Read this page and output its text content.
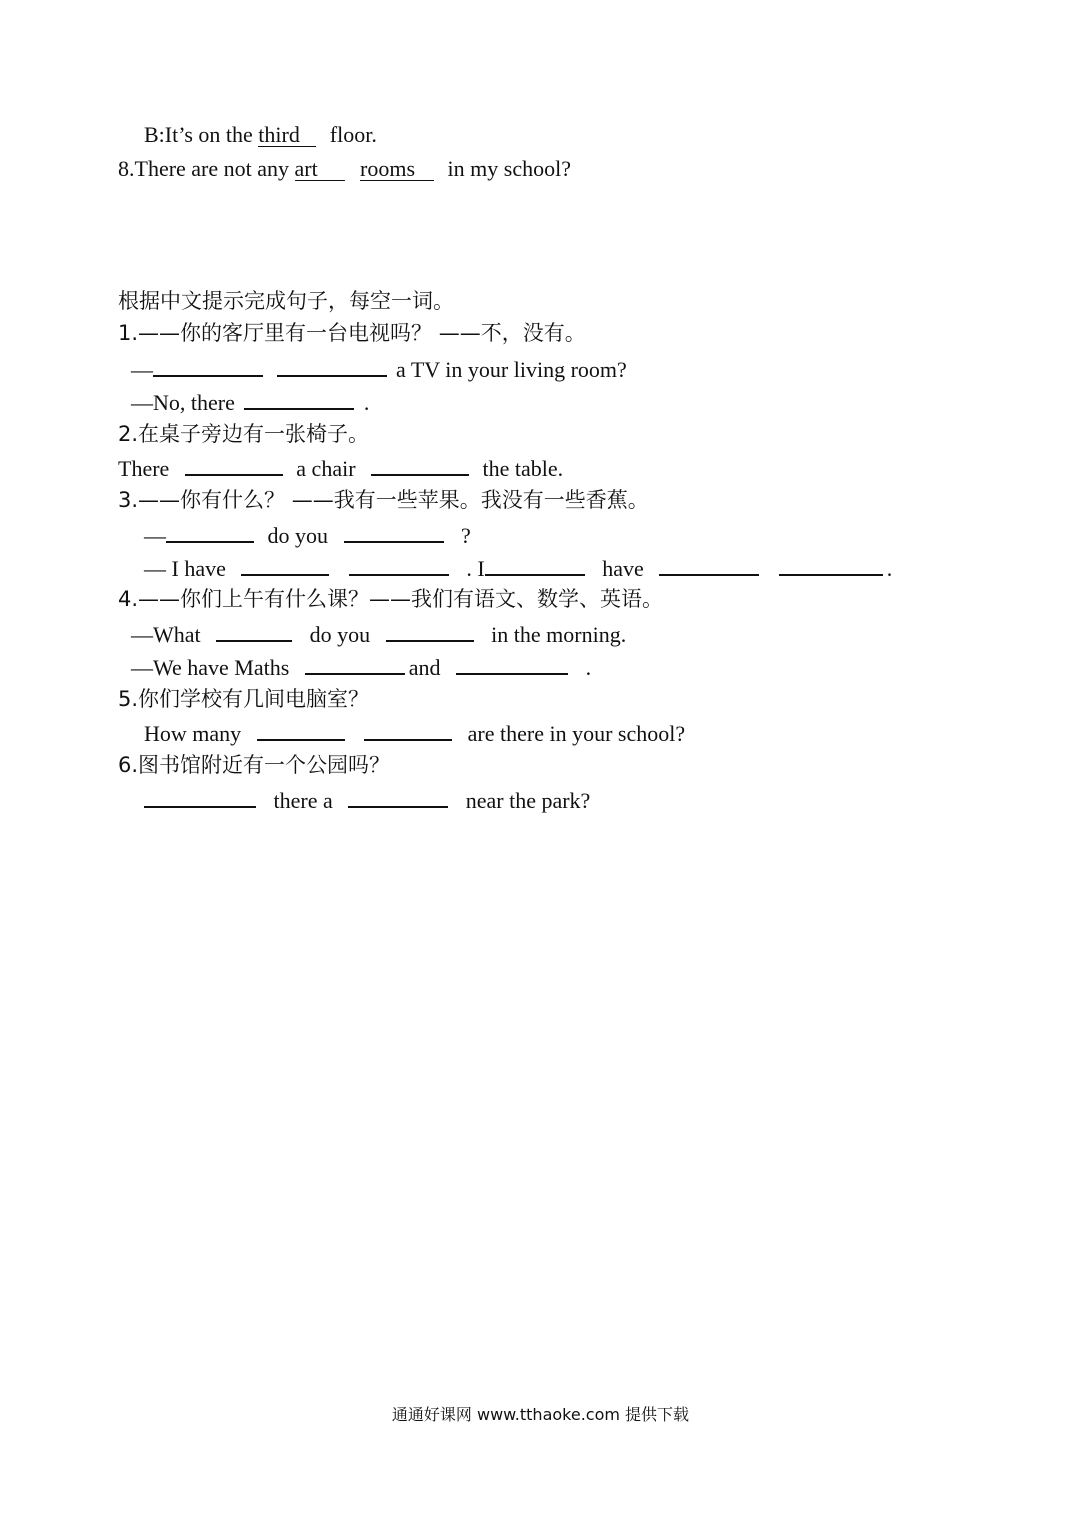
B:It’s on the third floor.
8.There are not any art rooms in my school?
根据中文提示完成句子，每空一词。
1.——你的客厅里有一台电视吗？ ——不，没有。
—	a TV in your living room?
—No, there	.
2.在桌子旁边有一张椅子。
There	a chair	the table.
3.——你有什么？ ——我有一些苹果。我没有一些香蕉。
—	do you	?
— I have	. I	have	.
4.——你们上午有什么课？——我们有语文、数学、英语。
—What	do you	in the morning.
—We have Maths	and	.
5.你们学校有几间电脑室？
How many	are there in your school?
6.图书馆附近有一个公园吗？
there a	near the park?
通通好课网 www.tthaoke.com 提供下载
